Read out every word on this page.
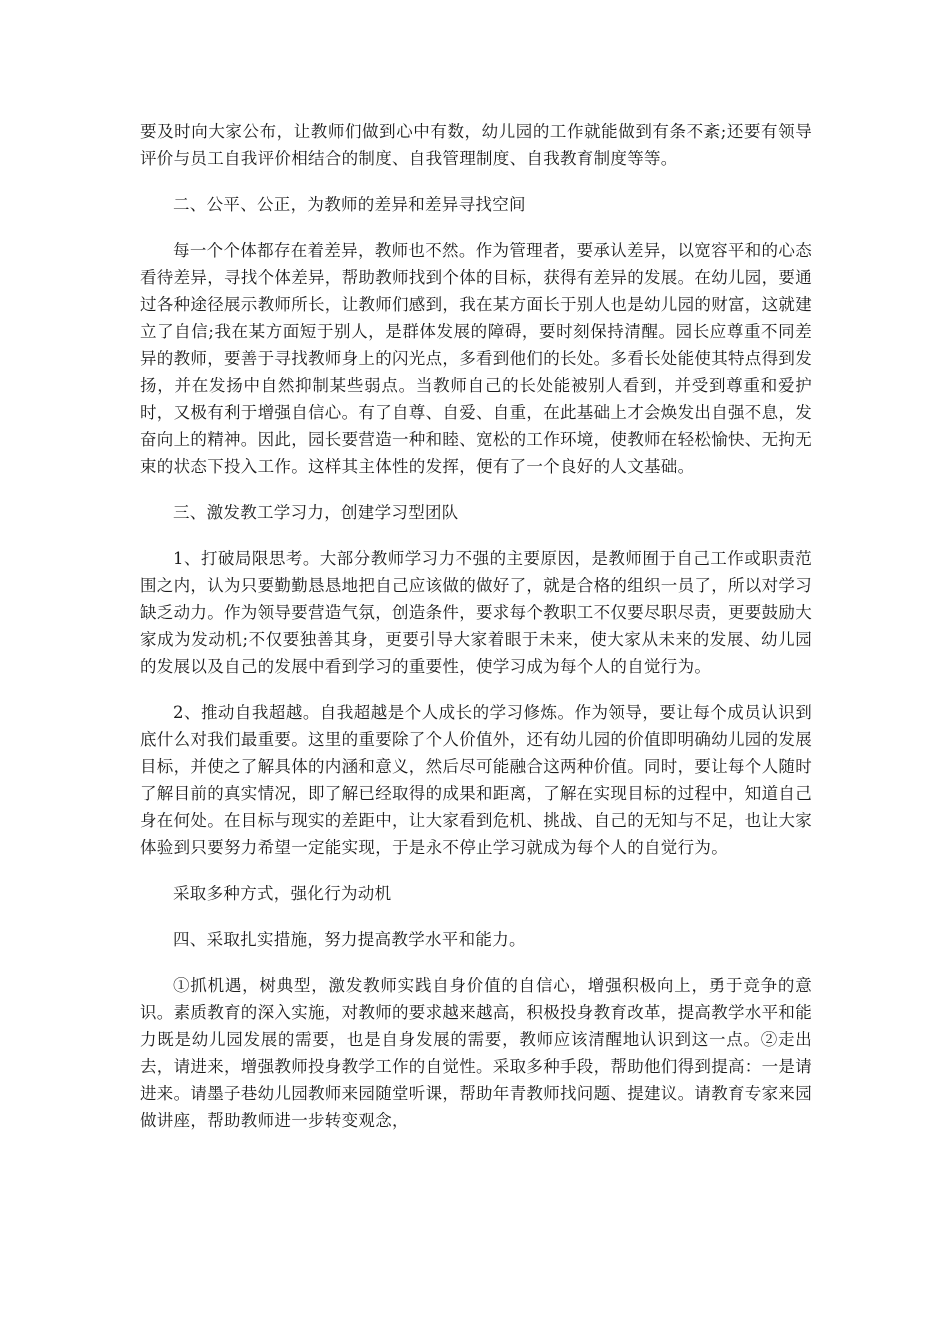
要及时向大家公布，让教师们做到心中有数，幼儿园的工作就能做到有条不紊;还要有领导评价与员工自我评价相结合的制度、自我管理制度、自我教育制度等等。

二、公平、公正，为教师的差异和差异寻找空间

每一个个体都存在着差异，教师也不然。作为管理者，要承认差异，以宽容平和的心态看待差异，寻找个体差异，帮助教师找到个体的目标，获得有差异的发展。在幼儿园，要通过各种途径展示教师所长，让教师们感到，我在某方面长于别人也是幼儿园的财富，这就建立了自信;我在某方面短于别人，是群体发展的障碍，要时刻保持清醒。园长应尊重不同差异的教师，要善于寻找教师身上的闪光点，多看到他们的长处。多看长处能使其特点得到发扬，并在发扬中自然抑制某些弱点。当教师自己的长处能被别人看到，并受到尊重和爱护时，又极有利于增强自信心。有了自尊、自爱、自重，在此基础上才会焕发出自强不息，发奋向上的精神。因此，园长要营造一种和睦、宽松的工作环境，使教师在轻松愉快、无拘无束的状态下投入工作。这样其主体性的发挥，便有了一个良好的人文基础。

三、激发教工学习力，创建学习型团队

1、打破局限思考。大部分教师学习力不强的主要原因，是教师囿于自己工作或职责范围之内，认为只要勤勤恳恳地把自己应该做的做好了，就是合格的组织一员了，所以对学习缺乏动力。作为领导要营造气氛，创造条件，要求每个教职工不仅要尽职尽责，更要鼓励大家成为发动机;不仅要独善其身，更要引导大家着眼于未来，使大家从未来的发展、幼儿园的发展以及自己的发展中看到学习的重要性，使学习成为每个人的自觉行为。

2、推动自我超越。自我超越是个人成长的学习修炼。作为领导，要让每个成员认识到底什么对我们最重要。这里的重要除了个人价值外，还有幼儿园的价值即明确幼儿园的发展目标，并使之了解具体的内涵和意义，然后尽可能融合这两种价值。同时，要让每个人随时了解目前的真实情况，即了解已经取得的成果和距离，了解在实现目标的过程中，知道自己身在何处。在目标与现实的差距中，让大家看到危机、挑战、自己的无知与不足，也让大家体验到只要努力希望一定能实现，于是永不停止学习就成为每个人的自觉行为。

采取多种方式，强化行为动机

四、采取扎实措施，努力提高教学水平和能力。

①抓机遇，树典型，激发教师实践自身价值的自信心，增强积极向上，勇于竞争的意识。素质教育的深入实施，对教师的要求越来越高，积极投身教育改革，提高教学水平和能力既是幼儿园发展的需要，也是自身发展的需要，教师应该清醒地认识到这一点。②走出去，请进来，增强教师投身教学工作的自觉性。采取多种手段，帮助他们得到提高：一是请进来。请墨子巷幼儿园教师来园随堂听课，帮助年青教师找问题、提建议。请教育专家来园做讲座，帮助教师进一步转变观念，
